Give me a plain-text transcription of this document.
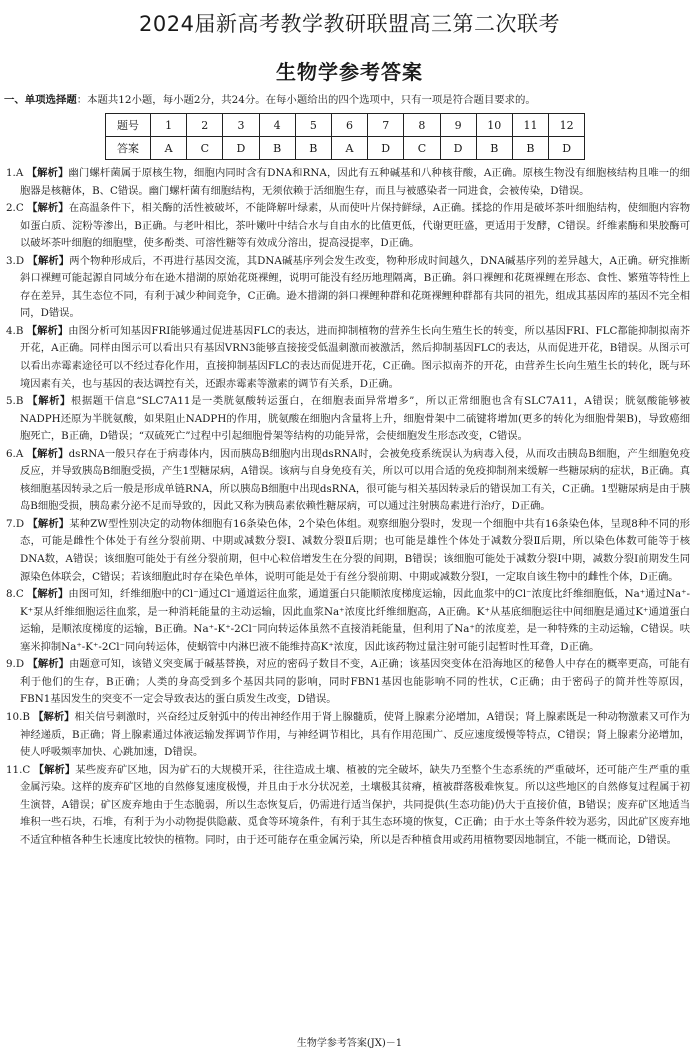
2024届新高考教学教研联盟高三第二次联考
生物学参考答案
一、单项选择题：本题共12小题，每小题2分，共24分。在每小题给出的四个选项中，只有一项是符合题目要求的。
题号	1	2	3	4	5	6	7	8	9	10	11	12
答案	A	C	D	B	B	A	D	C	D	B	B	D

1.A 【解析】幽门螺杆菌属于原核生物，细胞内同时含有DNA和RNA，因此有五种碱基和八种核苷酸，A正确。原核生物没有细胞核结构且唯一的细胞器是核糖体，B、C错误。幽门螺杆菌有细胞结构，无须依赖于活细胞生存，而且与被感染者一同进食，会被传染，D错误。

2.C 【解析】在高温条件下，相关酶的活性被破坏，不能降解叶绿素，从而使叶片保持鲜绿，A正确。揉捻的作用是破坏茶叶细胞结构，使细胞内容物如蛋白质、淀粉等渗出，B正确。与老叶相比，茶叶嫩叶中结合水与自由水的比值更低，代谢更旺盛，更适用于发酵，C错误。纤维素酶和果胶酶可以破坏茶叶细胞的细胞壁，使多酚类、可溶性糖等有效成分溶出，提高浸提率，D正确。

3.D 【解析】两个物种形成后，不再进行基因交流，其DNA碱基序列会发生改变，物种形成时间越久，DNA碱基序列的差异越大，A正确。研究推断斜口裸鲤可能起源自同域分布在逊木措湖的原始花斑裸鲤，说明可能没有经历地理隔离，B正确。斜口裸鲤和花斑裸鲤在形态、食性、繁殖等特性上存在差异，其生态位不同，有利于减少种间竞争，C正确。逊木措湖的斜口裸鲤种群和花斑裸鲤种群都有共同的祖先，组成其基因库的基因不完全相同，D错误。

4.B 【解析】由图分析可知基因FRI能够通过促进基因FLC的表达，进而抑制植物的营养生长向生殖生长的转变，所以基因FRI、FLC都能抑制拟南芥开花，A正确。同样由图示可以看出只有基因VRN3能够直接接受低温刺激而被激活，然后抑制基因FLC的表达，从而促进开花，B错误。从图示可以看出赤霉素途径可以不经过春化作用，直接抑制基因FLC的表达而促进开花，C正确。图示拟南芥的开花，由营养生长向生殖生长的转化，既与环境因素有关，也与基因的表达调控有关，还跟赤霉素等激素的调节有关系，D正确。

5.B 【解析】根据题干信息“SLC7A11是一类胱氨酸转运蛋白，在细胞表面异常增多”，所以正常细胞也含有SLC7A11，A错误；胱氨酸能够被NADPH还原为半胱氨酸，如果阻止NADPH的作用，胱氨酸在细胞内含量将上升，细胞骨架中二硫键将增加(更多的转化为细胞骨架B)，导致癌细胞死亡，B正确，D错误；“双硫死亡”过程中引起细胞骨架等结构的功能异常，会使细胞发生形态改变，C错误。

6.A 【解析】dsRNA一般只存在于病毒体内，因而胰岛B细胞内出现dsRNA时，会被免疫系统误认为病毒入侵，从而攻击胰岛B细胞，产生细胞免疫反应，并导致胰岛B细胞受损，产生1型糖尿病，A错误。该病与自身免疫有关，所以可以用合适的免疫抑制剂来缓解一些糖尿病的症状，B正确。真核细胞基因转录之后一般是形成单链RNA，所以胰岛B细胞中出现dsRNA，很可能与相关基因转录后的错误加工有关，C正确。1型糖尿病是由于胰岛B细胞受损，胰岛素分泌不足而导致的，因此又称为胰岛素依赖性糖尿病，可以通过注射胰岛素进行治疗，D正确。

7.D 【解析】某种ZW型性别决定的动物体细胞有16条染色体，2个染色体组。观察细胞分裂时，发现一个细胞中共有16条染色体，呈现8种不同的形态，可能是雌性个体处于有丝分裂前期、中期或减数分裂Ⅰ、减数分裂Ⅱ后期；也可能是雄性个体处于减数分裂Ⅱ后期，所以染色体数可能等于核DNA数，A错误；该细胞可能处于有丝分裂前期，但中心粒倍增发生在分裂的间期，B错误；该细胞可能处于减数分裂Ⅰ中期，减数分裂Ⅰ前期发生同源染色体联会，C错误；若该细胞此时存在染色单体，说明可能是处于有丝分裂前期、中期或减数分裂Ⅰ，一定取自该生物中的雌性个体，D正确。

8.C 【解析】由图可知，纤维细胞中的Cl⁻通过Cl⁻通道运往血浆，通道蛋白只能顺浓度梯度运输，因此血浆中的Cl⁻浓度比纤维细胞低，Na⁺通过Na⁺-K⁺泵从纤维细胞运往血浆，是一种消耗能量的主动运输，因此血浆Na⁺浓度比纤维细胞高，A正确。K⁺从基底细胞运往中间细胞是通过K⁺通道蛋白运输，是顺浓度梯度的运输，B正确。Na⁺-K⁺-2Cl⁻同向转运体虽然不直接消耗能量，但利用了Na⁺的浓度差，是一种特殊的主动运输，C错误。呋塞米抑制Na⁺-K⁺-2Cl⁻同向转运体，使蜗管中内淋巴液不能维持高K⁺浓度，因此该药物过量注射可能引起暂时性耳聋，D正确。

9.D 【解析】由题意可知，该错义突变属于碱基替换，对应的密码子数目不变，A正确；该基因突变体在沿海地区的秘鲁人中存在的概率更高，可能有利于他们的生存，B正确；人类的身高受到多个基因共同的影响，同时FBN1基因也能影响不同的性状，C正确；由于密码子的简并性等原因，FBN1基因发生的突变不一定会导致表达的蛋白质发生改变，D错误。

10.B 【解析】相关信号刺激时，兴奋经过反射弧中的传出神经作用于肾上腺髓质，使肾上腺素分泌增加，A错误；肾上腺素既是一种动物激素又可作为神经递质，B正确；肾上腺素通过体液运输发挥调节作用，与神经调节相比，具有作用范围广、反应速度缓慢等特点，C错误；肾上腺素分泌增加，使人呼吸频率加快、心跳加速，D错误。

11.C 【解析】某些废弃矿区地，因为矿石的大规模开采，往往造成土壤、植被的完全破坏，缺失乃至整个生态系统的严重破坏，还可能产生严重的重金属污染。这样的废弃矿区地的自然修复速度极慢，并且由于水分状况差，土壤极其贫瘠，植被群落极难恢复。所以这些地区的自然修复过程属于初生演替，A错误；矿区废弃地由于生态脆弱，所以生态恢复后，仍需进行适当保护，共同提供(生态功能)仍大于直接价值，B错误；废弃矿区地适当堆积一些石块，石堆，有利于为小动物提供隐蔽、觅食等环境条件，有利于其生态环境的恢复，C正确；由于水土等条件较为恶劣，因此矿区废弃地不适宜种植各种生长速度比较快的植物。同时，由于还可能存在重金属污染，所以是否种植食用或药用植物要因地制宜，不能一概而论，D错误。

生物学参考答案(JX)－1
